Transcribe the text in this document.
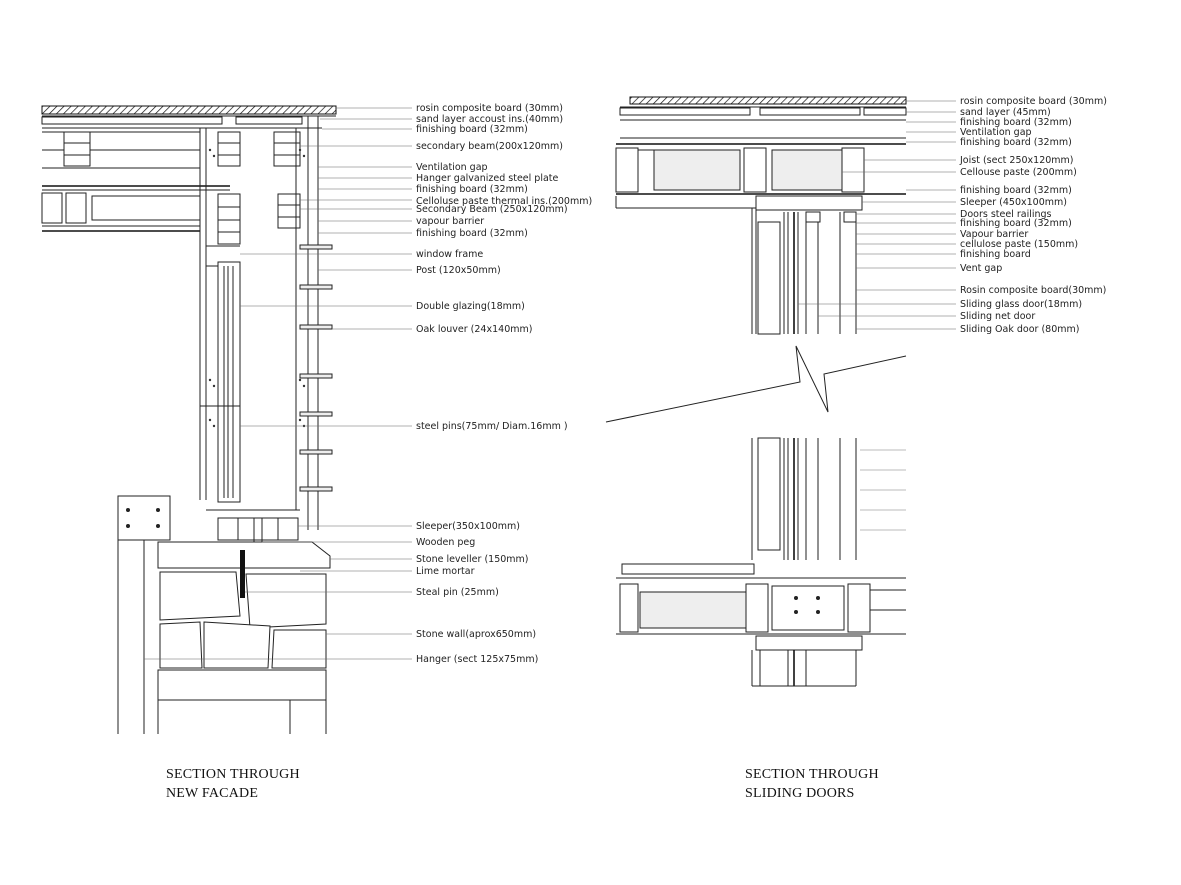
rosin composite board (30mm)
sand layer accoust ins.(40mm)
finishing board (32mm)
secondary beam(200x120mm)
Ventilation gap
Hanger galvanized steel plate
finishing board (32mm)
Celloluse paste thermal ins.(200mm)
Secondary Beam (250x120mm)
vapour barrier
finishing board (32mm)
window frame
Post (120x50mm)
Double glazing(18mm)
Oak louver (24x140mm)
steel pins(75mm/ Diam.16mm )
Sleeper(350x100mm)
Wooden peg
Stone leveller (150mm)
Lime mortar
Steal pin (25mm)
Stone wall(aprox650mm)
Hanger (sect 125x75mm)
rosin composite board (30mm)
sand layer (45mm)
finishing board (32mm)
Ventilation gap
finishing board (32mm)
Joist (sect 250x120mm)
Cellouse paste (200mm)
finishing board (32mm)
Sleeper (450x100mm)
Doors steel railings
finishing board (32mm)
Vapour barrier
cellulose paste (150mm)
finishing board
Vent gap
Rosin composite board(30mm)
Sliding glass door(18mm)
Sliding net door
Sliding Oak door (80mm)
SECTION THROUGH
NEW FACADE
SECTION THROUGH
SLIDING DOORS
